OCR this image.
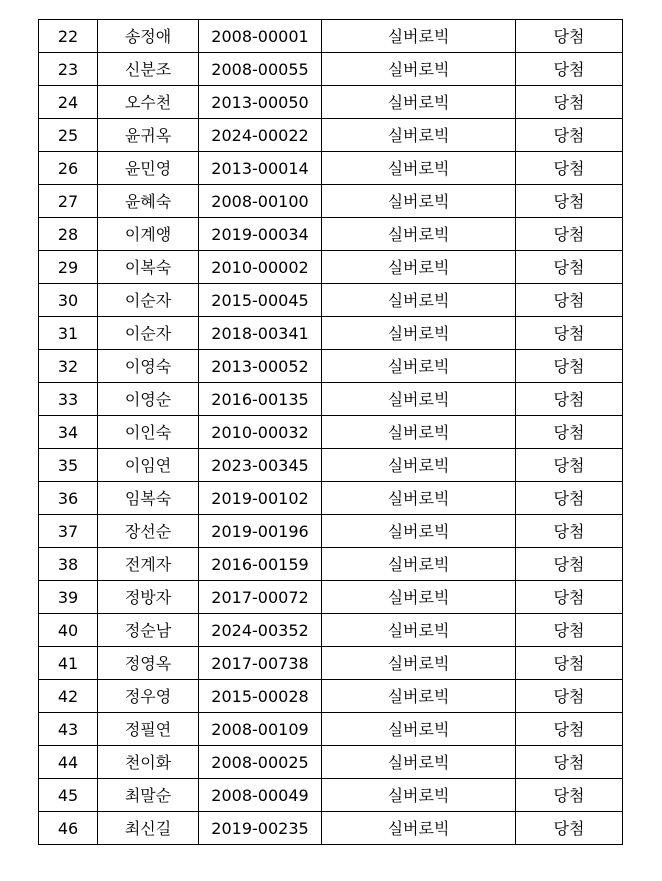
22	송정애	2008-00001	실버로빅	당첨
23	신분조	2008-00055	실버로빅	당첨
24	오수천	2013-00050	실버로빅	당첨
25	윤귀옥	2024-00022	실버로빅	당첨
26	윤민영	2013-00014	실버로빅	당첨
27	윤혜숙	2008-00100	실버로빅	당첨
28	이계앵	2019-00034	실버로빅	당첨
29	이복숙	2010-00002	실버로빅	당첨
30	이순자	2015-00045	실버로빅	당첨
31	이순자	2018-00341	실버로빅	당첨
32	이영숙	2013-00052	실버로빅	당첨
33	이영순	2016-00135	실버로빅	당첨
34	이인숙	2010-00032	실버로빅	당첨
35	이임연	2023-00345	실버로빅	당첨
36	임복숙	2019-00102	실버로빅	당첨
37	장선순	2019-00196	실버로빅	당첨
38	전계자	2016-00159	실버로빅	당첨
39	정방자	2017-00072	실버로빅	당첨
40	정순남	2024-00352	실버로빅	당첨
41	정영옥	2017-00738	실버로빅	당첨
42	정우영	2015-00028	실버로빅	당첨
43	정필연	2008-00109	실버로빅	당첨
44	천이화	2008-00025	실버로빅	당첨
45	최말순	2008-00049	실버로빅	당첨
46	최신길	2019-00235	실버로빅	당첨
